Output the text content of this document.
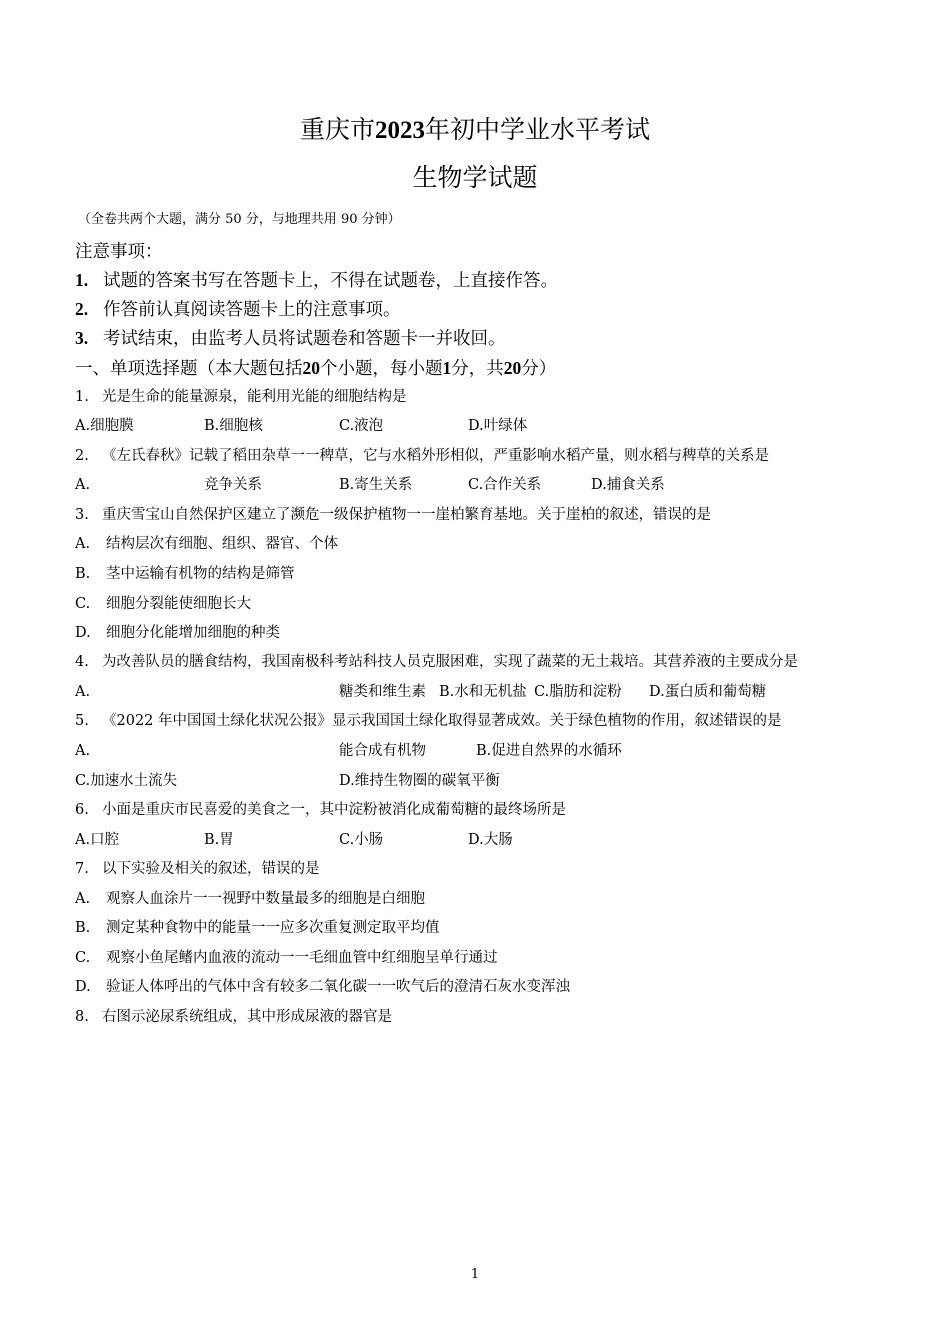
重庆市2023年初中学业水平考试
生物学试题
（全卷共两个大题，满分 50 分，与地理共用 90 分钟）
注意事项：
1. 试题的答案书写在答题卡上，不得在试题卷，上直接作答。
2. 作答前认真阅读答题卡上的注意事项。
3. 考试结束，由监考人员将试题卷和答题卡一并收回。
一、单项选择题（本大题包括20个小题，每小题1分，共20分）
1. 光是生命的能量源泉，能利用光能的细胞结构是
A.细胞膜	B.细胞核	C.液泡	D.叶绿体
2. 《左氏春秋》记载了稻田杂草一一稗草，它与水稻外形相似，严重影响水稻产量，则水稻与稗草的关系是
A.	竞争关系	B.寄生关系	C.合作关系	D.捕食关系
3. 重庆雪宝山自然保护区建立了濒危一级保护植物一一崖柏繁育基地。关于崖柏的叙述，错误的是
A. 结构层次有细胞、组织、器官、个体
B. 茎中运输有机物的结构是筛管
C. 细胞分裂能使细胞长大
D. 细胞分化能增加细胞的种类
4. 为改善队员的膳食结构，我国南极科考站科技人员克服困难，实现了蔬菜的无土栽培。其营养液的主要成分是
A.	糖类和维生素 B.水和无机盐 C.脂肪和淀粉 D.蛋白质和葡萄糖
5. 《2022 年中国国土绿化状况公报》显示我国国土绿化取得显著成效。关于绿色植物的作用，叙述错误的是
A.	能合成有机物	B.促进自然界的水循环
C.加速水土流失	D.维持生物圈的碳氧平衡
6. 小面是重庆市民喜爱的美食之一，其中淀粉被消化成葡萄糖的最终场所是
A.口腔	B.胃	C.小肠	D.大肠
7. 以下实验及相关的叙述，错误的是
A. 观察人血涂片一一视野中数量最多的细胞是白细胞
B. 测定某种食物中的能量一一应多次重复测定取平均值
C. 观察小鱼尾鳍内血液的流动一一毛细血管中红细胞呈单行通过
D. 验证人体呼出的气体中含有较多二氧化碳一一吹气后的澄清石灰水变浑浊
8. 右图示泌尿系统组成，其中形成尿液的器官是
1
